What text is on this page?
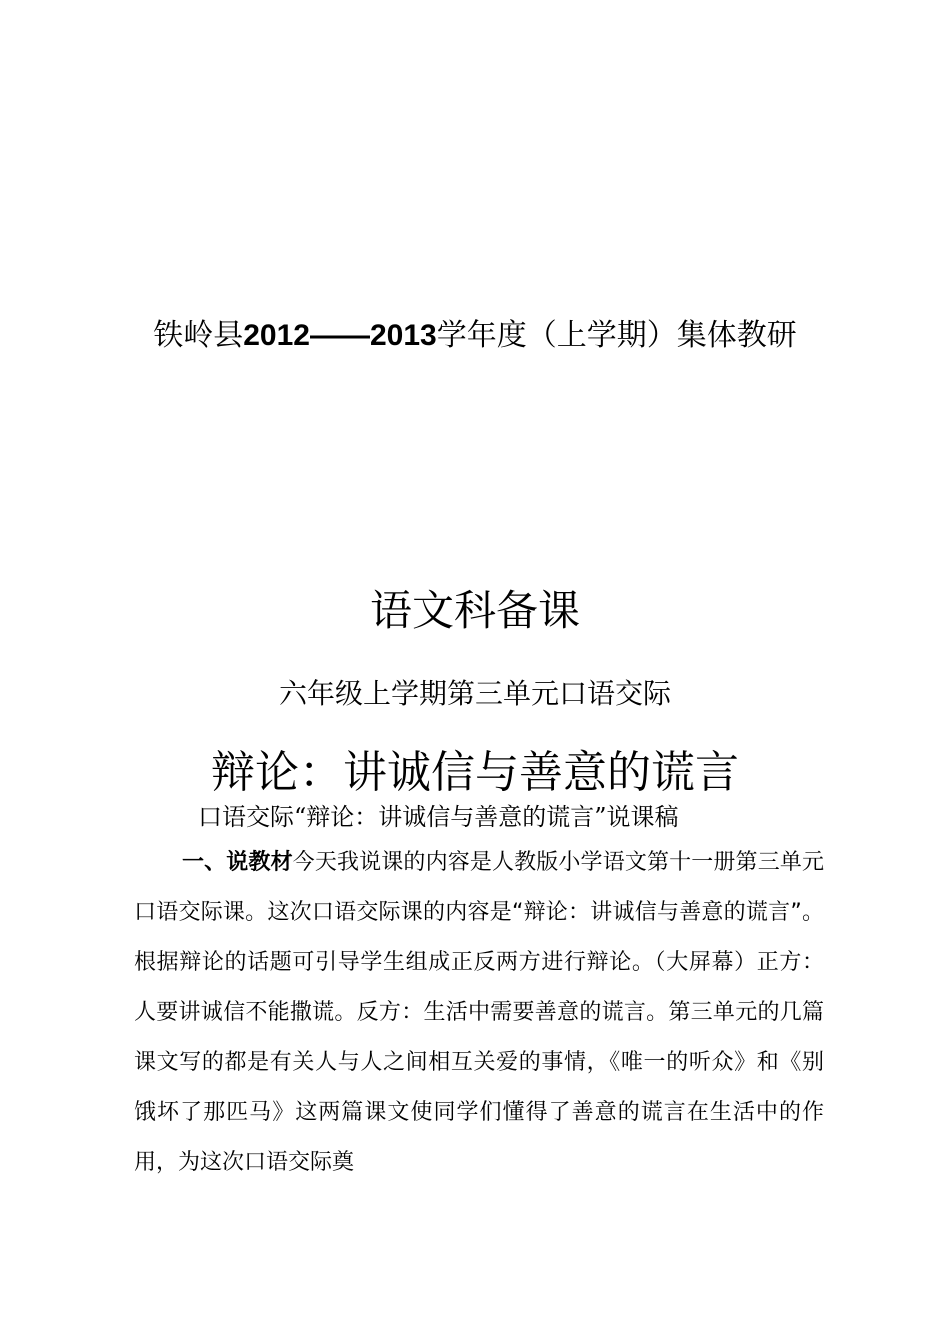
铁岭县2012——2013学年度（上学期）集体教研
语文科备课
六年级上学期第三单元口语交际
辩论：讲诚信与善意的谎言
口语交际“辩论：讲诚信与善意的谎言”说课稿

一、说教材今天我说课的内容是人教版小学语文第十一册第三单元口语交际课。这次口语交际课的内容是“辩论：讲诚信与善意的谎言”。根据辩论的话题可引导学生组成正反两方进行辩论。（大屏幕）正方：人要讲诚信不能撒谎。反方：生活中需要善意的谎言。第三单元的几篇课文写的都是有关人与人之间相互关爱的事情，《唯一的听众》和《别饿坏了那匹马》这两篇课文使同学们懂得了善意的谎言在生活中的作用，为这次口语交际奠
